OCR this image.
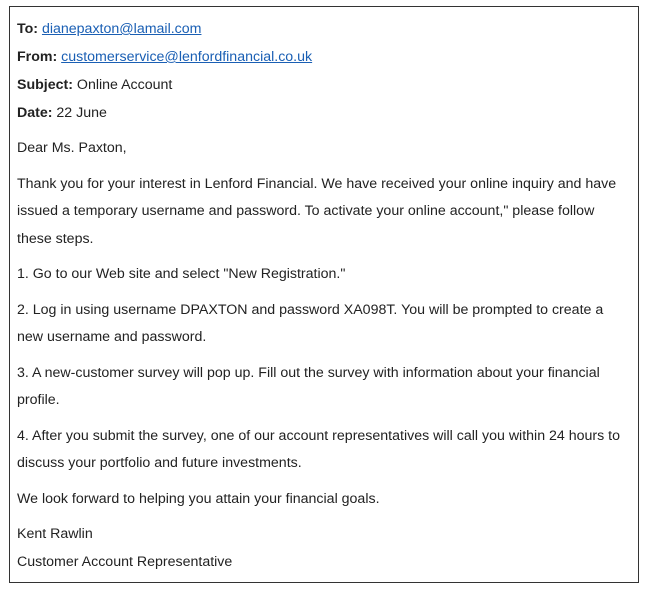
To: dianepaxton@lamail.com
From: customerservice@lenfordfinancial.co.uk
Subject: Online Account
Date: 22 June

Dear Ms. Paxton,

Thank you for your interest in Lenford Financial. We have received your online inquiry and have issued a temporary username and password. To activate your online account," please follow these steps.

1. Go to our Web site and select "New Registration."

2. Log in using username DPAXTON and password XA098T. You will be prompted to create a new username and password.

3. A new-customer survey will pop up. Fill out the survey with information about your financial profile.

4. After you submit the survey, one of our account representatives will call you within 24 hours to discuss your portfolio and future investments.

We look forward to helping you attain your financial goals.

Kent Rawlin

Customer Account Representative
